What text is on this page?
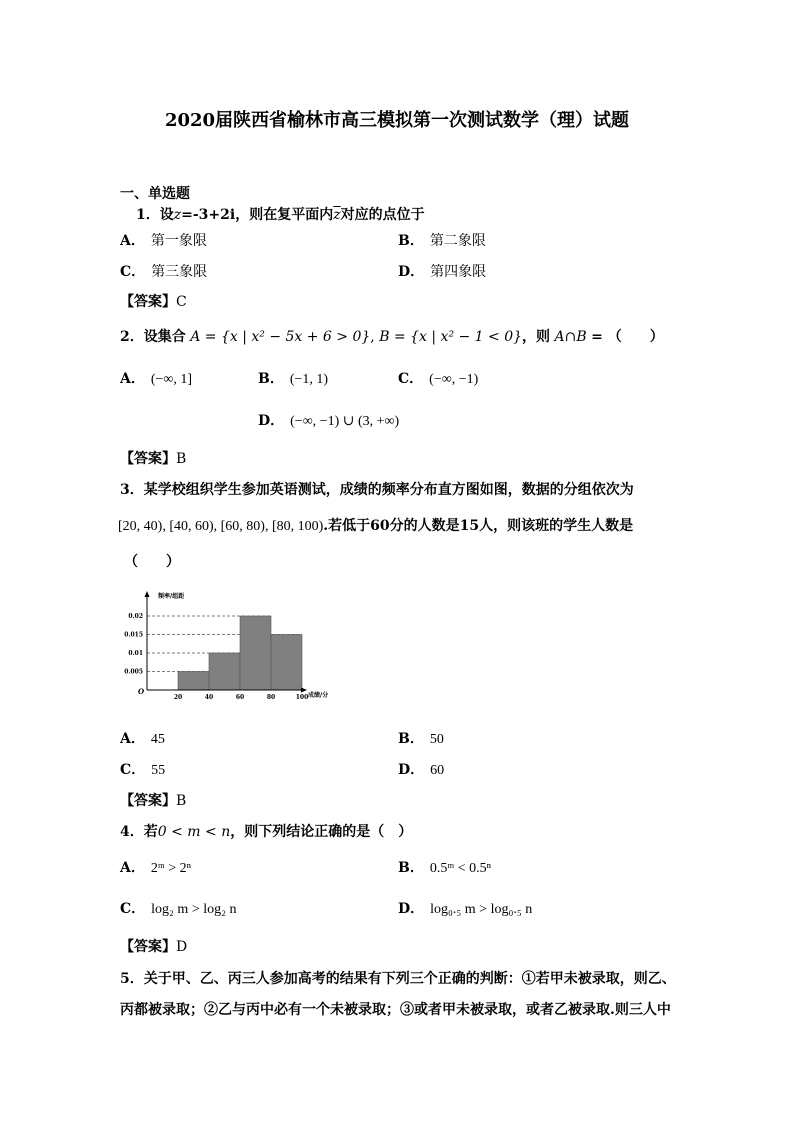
2020届陕西省榆林市高三模拟第一次测试数学（理）试题
一、单选题
1．设z=-3+2i，则在复平面内$\overline{z}$对应的点位于
A． 第一象限	B． 第二象限
C． 第三象限	D． 第四象限
【答案】C
2．设集合 A = {x | x² − 5x + 6 > 0}, B = {x | x² − 1 < 0}，则 A∩B = （　　）
A． (−∞, 1]	B． (−1, 1)	C． (−∞, −1)
D． (−∞, −1) ∪ (3, +∞)
【答案】B
3．某学校组织学生参加英语测试，成绩的频率分布直方图如图，数据的分组依次为
[20, 40), [40, 60), [60, 80), [80, 100).若低于60分的人数是15人，则该班的学生人数是
（　　）
频率/组距
成绩/分
O
0.005
0.01
0.015
0.02
20	40	60	80	100
A． 45	B． 50
C． 55	D． 60
【答案】B
4．若0 < m < n，则下列结论正确的是（　）
A． 2ᵐ > 2ⁿ	B． 0.5ᵐ < 0.5ⁿ
C． log₂ m > log₂ n	D． log₀.₅ m > log₀.₅ n
【答案】D
5．关于甲、乙、丙三人参加高考的结果有下列三个正确的判断：①若甲未被录取，则乙、
丙都被录取；②乙与丙中必有一个未被录取；③或者甲未被录取，或者乙被录取.则三人中
